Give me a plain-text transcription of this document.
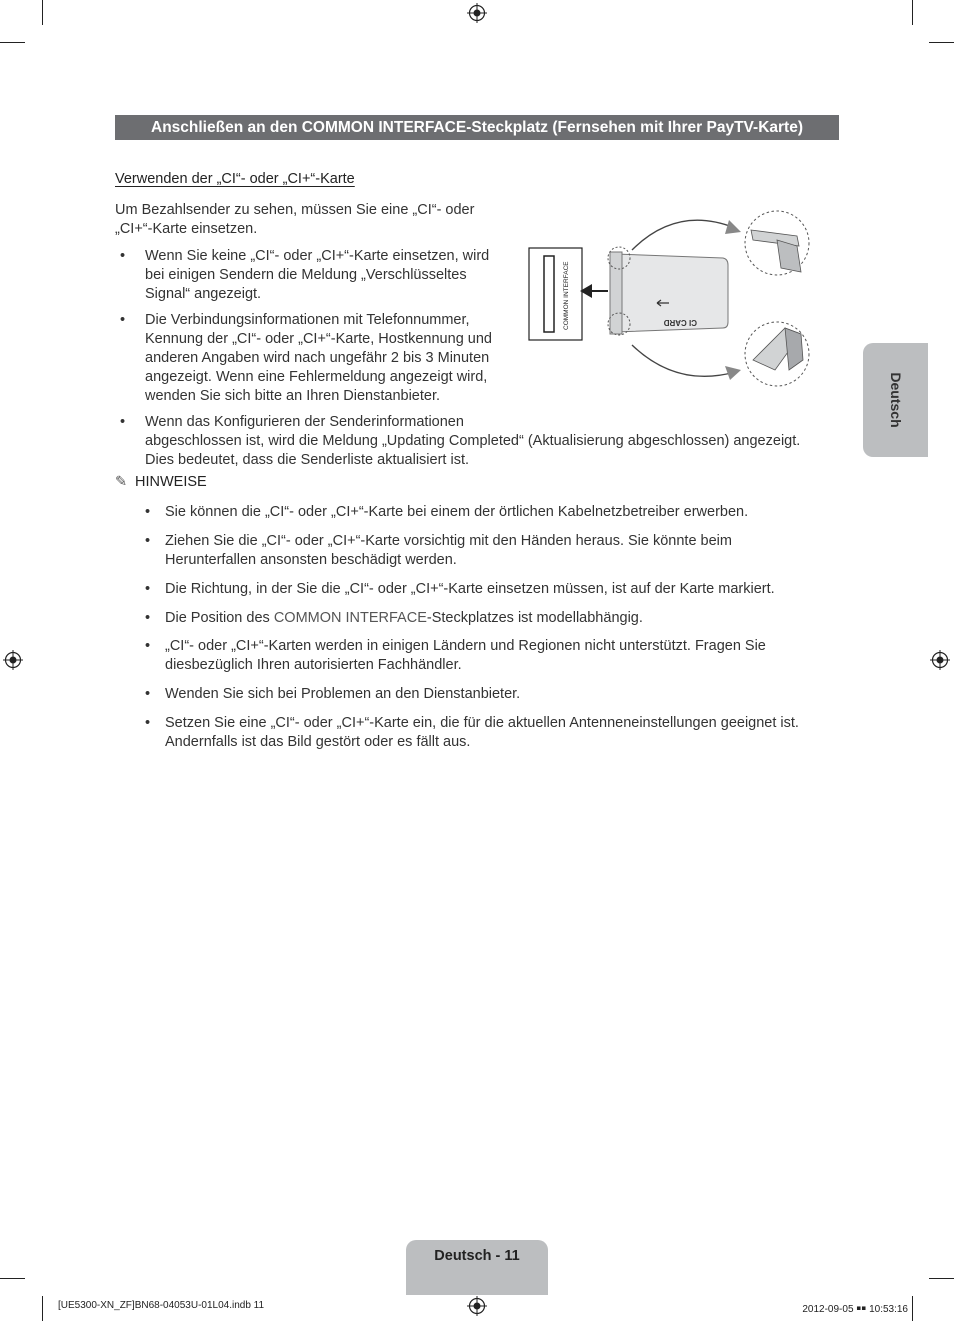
Anschließen an den COMMON INTERFACE-Steckplatz (Fernsehen mit Ihrer PayTV-Karte)
Verwenden der „CI“- oder „CI+“-Karte
Um Bezahlsender zu sehen, müssen Sie eine „CI“- oder „CI+“-Karte einsetzen.
• Wenn Sie keine „CI“- oder „CI+“-Karte einsetzen, wird
bei einigen Sendern die Meldung „Verschlüsseltes
Signal“ angezeigt.
• Die Verbindungsinformationen mit Telefonnummer,
Kennung der „CI“- oder „CI+“-Karte, Hostkennung und
anderen Angaben wird nach ungefähr 2 bis 3 Minuten
angezeigt. Wenn eine Fehlermeldung angezeigt wird,
wenden Sie sich bitte an Ihren Dienstanbieter.
• Wenn das Konfigurieren der Senderinformationen
abgeschlossen ist, wird die Meldung „Updating Completed“ (Aktualisierung abgeschlossen) angezeigt.
Dies bedeutet, dass die Senderliste aktualisiert ist.
COMMON INTERFACE	CI CARD
✎ HINWEISE
• Sie können die „CI“- oder „CI+“-Karte bei einem der örtlichen Kabelnetzbetreiber erwerben.
• Ziehen Sie die „CI“- oder „CI+“-Karte vorsichtig mit den Händen heraus. Sie könnte beim
Herunterfallen ansonsten beschädigt werden.
• Die Richtung, in der Sie die „CI“- oder „CI+“-Karte einsetzen müssen, ist auf der Karte markiert.
• Die Position des COMMON INTERFACE-Steckplatzes ist modellabhängig.
• „CI“- oder „CI+“-Karten werden in einigen Ländern und Regionen nicht unterstützt. Fragen Sie
diesbezüglich Ihren autorisierten Fachhändler.
• Wenden Sie sich bei Problemen an den Dienstanbieter.
• Setzen Sie eine „CI“- oder „CI+“-Karte ein, die für die aktuellen Antenneneinstellungen geeignet ist.
Andernfalls ist das Bild gestört oder es fällt aus.
Deutsch
Deutsch - 11
[UE5300-XN_ZF]BN68-04053U-01L04.indb 11	2012-09-05 ￭￭ 10:53:16
